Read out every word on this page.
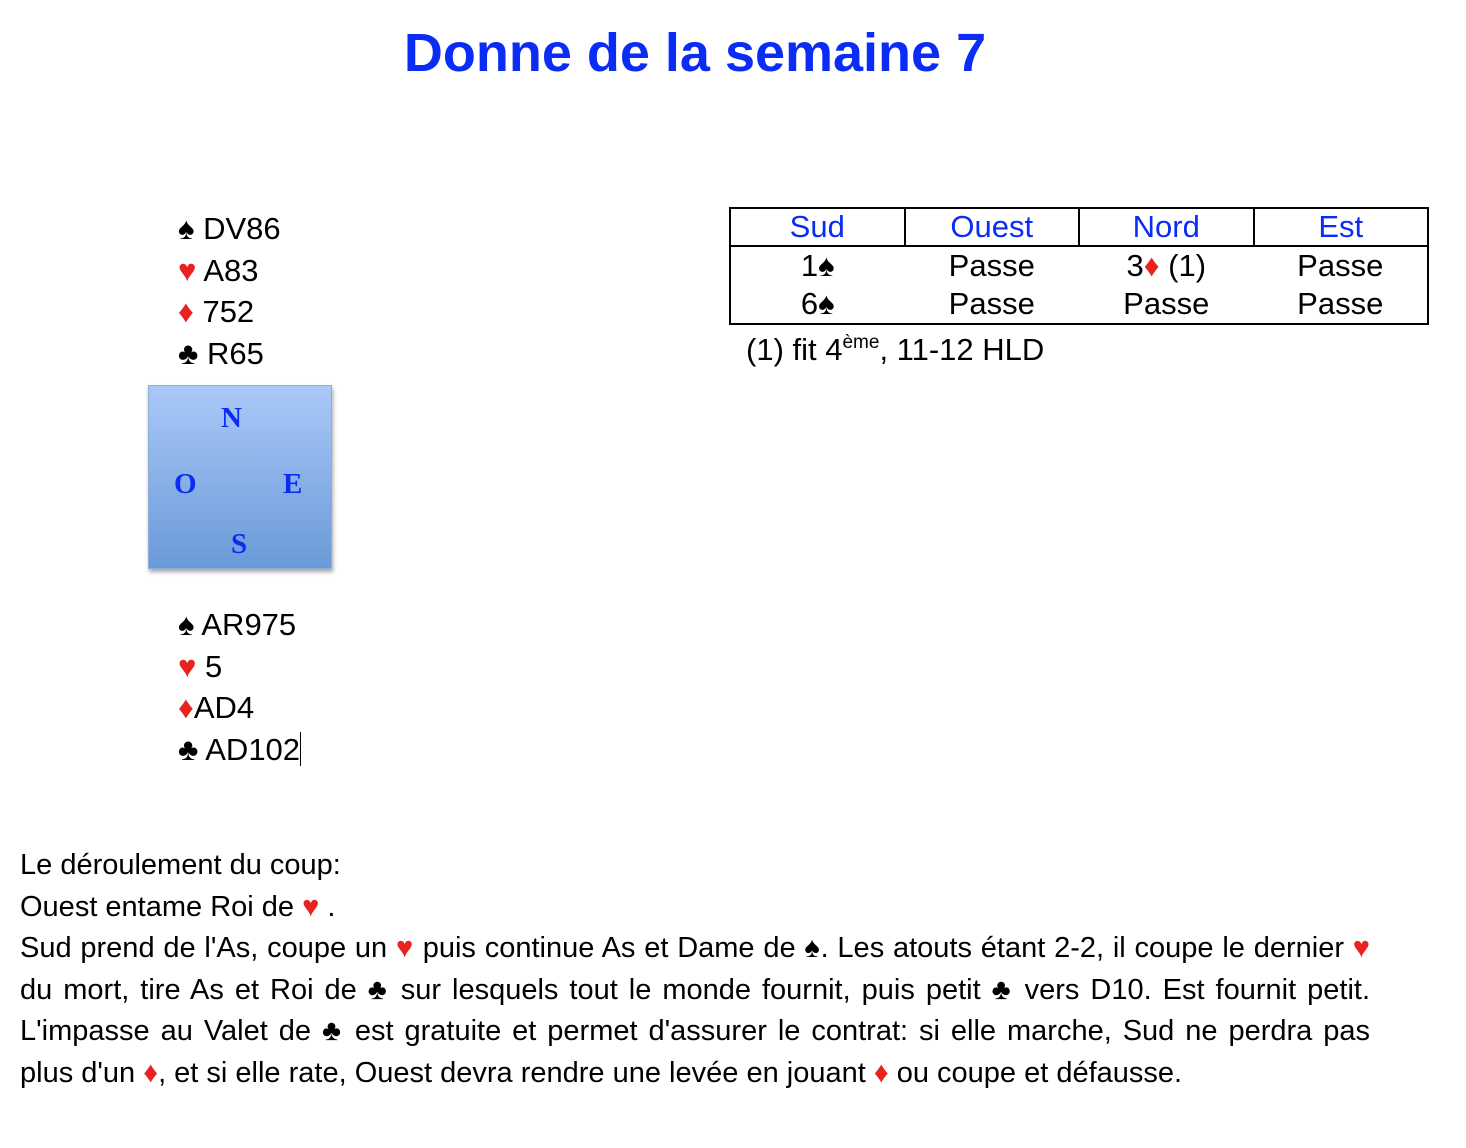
Donne de la semaine 7
♠ DV86
♥ A83
♦ 752
♣ R65
N
O	E
S
♠ AR975
♥ 5
♦AD4
♣ AD102
Sud	Ouest	Nord	Est
1♠	Passe	3♦ (1)	Passe
6♠	Passe	Passe	Passe
(1) fit 4ème, 11-12 HLD

Le déroulement du coup:

Ouest entame Roi de ♥ .

Sud prend de l'As, coupe un ♥ puis continue As et Dame de ♠. Les atouts étant 2-2, il coupe le dernier ♥ du mort, tire As et Roi de ♣ sur lesquels tout le monde fournit, puis petit ♣ vers D10. Est fournit petit. L'impasse au Valet de ♣ est gratuite et permet d'assurer le contrat: si elle marche, Sud ne perdra pas plus d'un ♦, et si elle rate, Ouest devra rendre une levée en jouant ♦ ou coupe et défausse.
